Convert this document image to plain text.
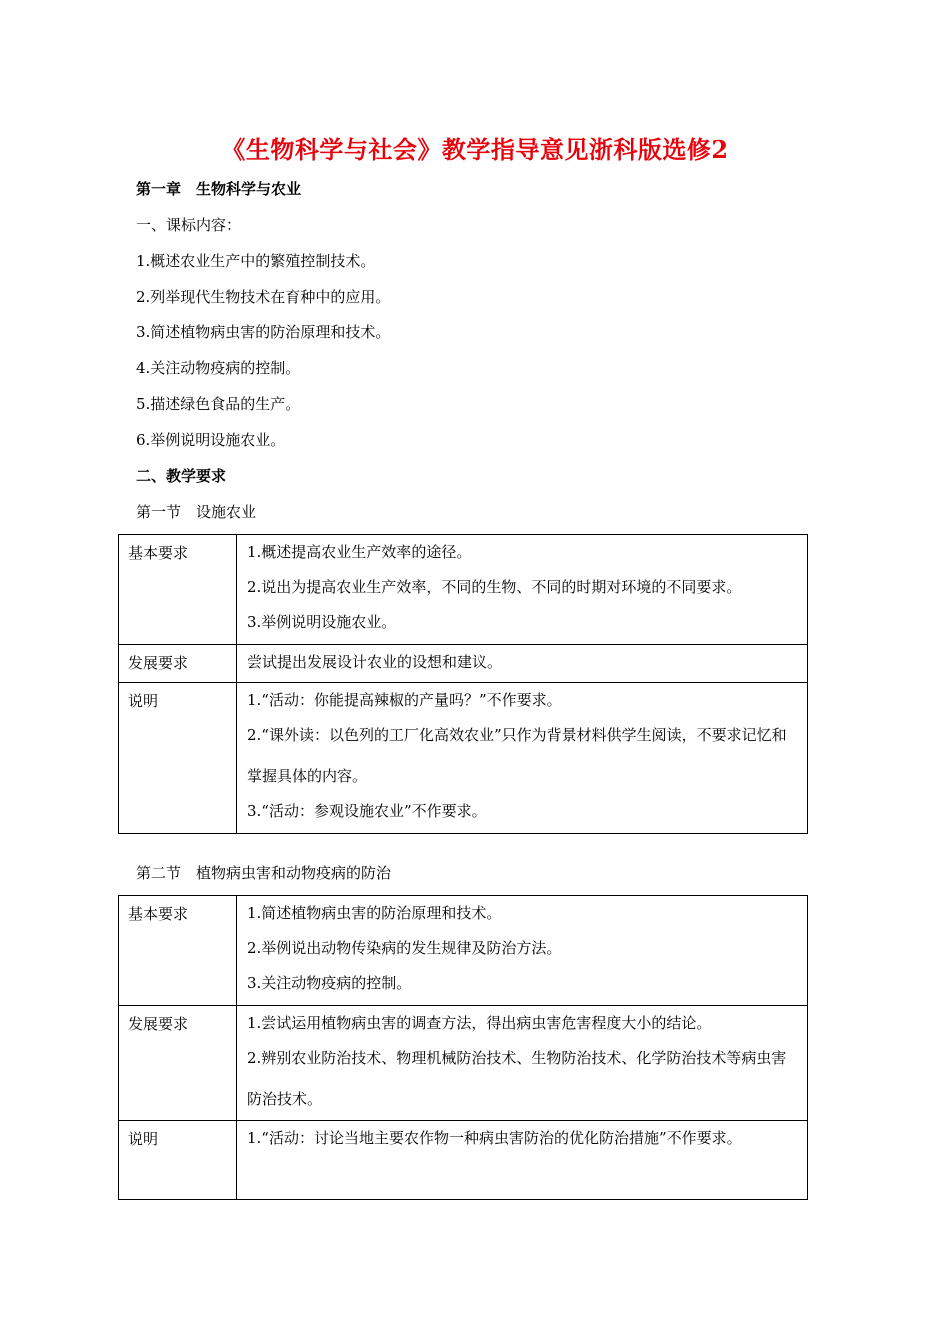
《生物科学与社会》教学指导意见浙科版选修2
第一章　生物科学与农业
一、课标内容：
1.概述农业生产中的繁殖控制技术。
2.列举现代生物技术在育种中的应用。
3.简述植物病虫害的防治原理和技术。
4.关注动物疫病的控制。
5.描述绿色食品的生产。
6.举例说明设施农业。
二、教学要求
第一节　设施农业
基本要求	1.概述提高农业生产效率的途径。
2.说出为提高农业生产效率，不同的生物、不同的时期对环境的不同要求。
3.举例说明设施农业。

发展要求	尝试提出发展设计农业的设想和建议。

说明	1.“活动：你能提高辣椒的产量吗？”不作要求。
2.“课外读：以色列的工厂化高效农业”只作为背景材料供学生阅读，不要求记忆和掌握具体的内容。
3.“活动：参观设施农业”不作要求。
第二节　植物病虫害和动物疫病的防治
基本要求	1.简述植物病虫害的防治原理和技术。
2.举例说出动物传染病的发生规律及防治方法。
3.关注动物疫病的控制。

发展要求	1.尝试运用植物病虫害的调查方法，得出病虫害危害程度大小的结论。
2.辨别农业防治技术、物理机械防治技术、生物防治技术、化学防治技术等病虫害防治技术。

说明	1.“活动：讨论当地主要农作物一种病虫害防治的优化防治措施”不作要求。
